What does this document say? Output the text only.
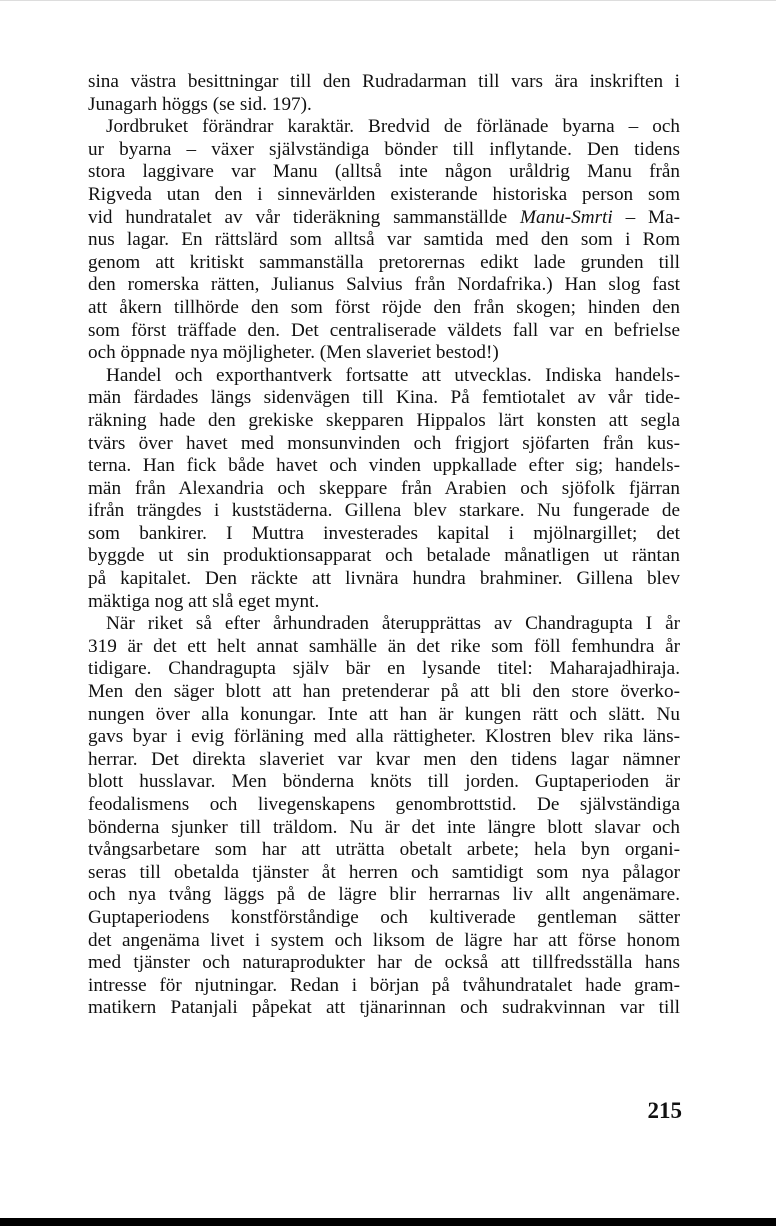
sina västra besittningar till den Rudradarman till vars ära inskriften i
Junagarh höggs (se sid. 197).
Jordbruket förändrar karaktär. Bredvid de förlänade byarna – och
ur byarna – växer självständiga bönder till inflytande. Den tidens
stora laggivare var Manu (alltså inte någon uråldrig Manu från
Rigveda utan den i sinnevärlden existerande historiska person som
vid hundratalet av vår tideräkning sammanställde Manu-Smrti – Ma-
nus lagar. En rättslärd som alltså var samtida med den som i Rom
genom att kritiskt sammanställa pretorernas edikt lade grunden till
den romerska rätten, Julianus Salvius från Nordafrika.) Han slog fast
att åkern tillhörde den som först röjde den från skogen; hinden den
som först träffade den. Det centraliserade väldets fall var en befrielse
och öppnade nya möjligheter. (Men slaveriet bestod!)
Handel och exporthantverk fortsatte att utvecklas. Indiska handels-
män färdades längs sidenvägen till Kina. På femtiotalet av vår tide-
räkning hade den grekiske skepparen Hippalos lärt konsten att segla
tvärs över havet med monsunvinden och frigjort sjöfarten från kus-
terna. Han fick både havet och vinden uppkallade efter sig; handels-
män från Alexandria och skeppare från Arabien och sjöfolk fjärran
ifrån trängdes i kuststäderna. Gillena blev starkare. Nu fungerade de
som bankirer. I Muttra investerades kapital i mjölnargillet; det
byggde ut sin produktionsapparat och betalade månatligen ut räntan
på kapitalet. Den räckte att livnära hundra brahminer. Gillena blev
mäktiga nog att slå eget mynt.
När riket så efter århundraden återupprättas av Chandragupta I år
319 är det ett helt annat samhälle än det rike som föll femhundra år
tidigare. Chandragupta själv bär en lysande titel: Maharajadhiraja.
Men den säger blott att han pretenderar på att bli den store överko-
nungen över alla konungar. Inte att han är kungen rätt och slätt. Nu
gavs byar i evig förläning med alla rättigheter. Klostren blev rika läns-
herrar. Det direkta slaveriet var kvar men den tidens lagar nämner
blott husslavar. Men bönderna knöts till jorden. Guptaperioden är
feodalismens och livegenskapens genombrottstid. De självständiga
bönderna sjunker till träldom. Nu är det inte längre blott slavar och
tvångsarbetare som har att uträtta obetalt arbete; hela byn organi-
seras till obetalda tjänster åt herren och samtidigt som nya pålagor
och nya tvång läggs på de lägre blir herrarnas liv allt angenämare.
Guptaperiodens konstförståndige och kultiverade gentleman sätter
det angenäma livet i system och liksom de lägre har att förse honom
med tjänster och naturaprodukter har de också att tillfredsställa hans
intresse för njutningar. Redan i början på tvåhundratalet hade gram-
matikern Patanjali påpekat att tjänarinnan och sudrakvinnan var till
215
